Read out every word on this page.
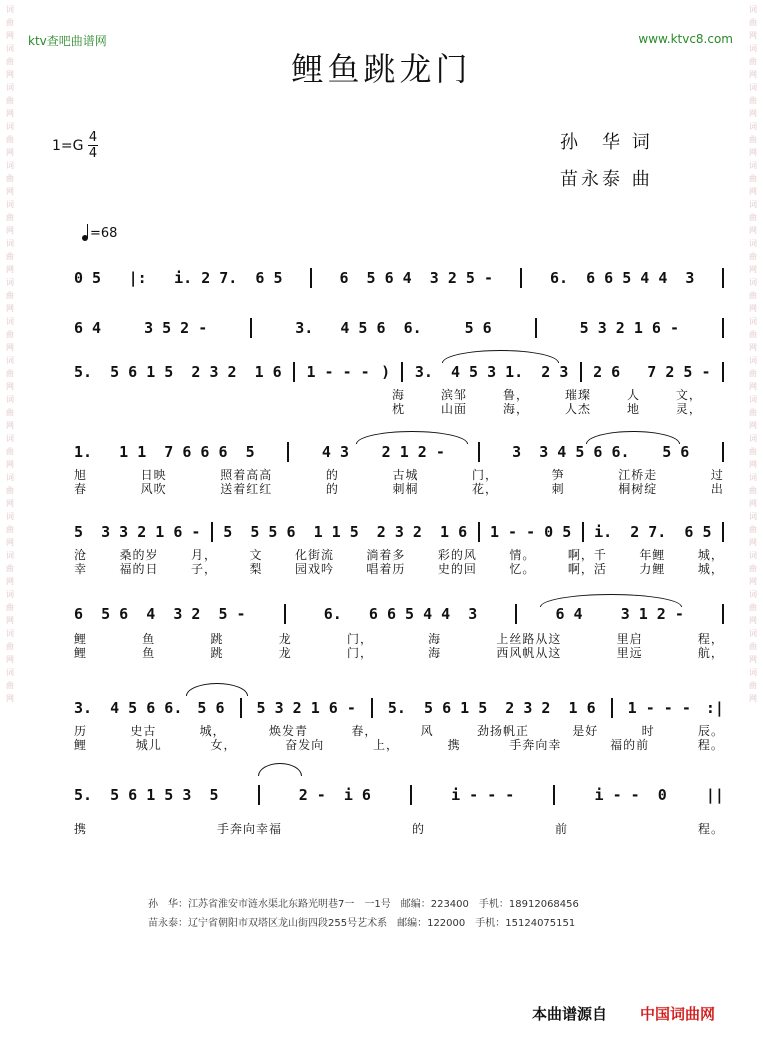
词
曲
网
词
曲
网
词
曲
网
词
曲
网
词
曲
网
词
曲
网
词
曲
网
词
曲
网
词
曲
网
词
曲
网
词
曲
网
词
曲
网
词
曲
网
词
曲
网
词
曲
网
词
曲
网
词
曲
网
词
曲
网
词
曲
网
词
曲
网
词
曲
网
词
曲
网
词
曲
网
词
曲
网
词
曲
网
词
曲
网
词
曲
网
词
曲
网
词
曲
网
词
曲
网
词
曲
网
词
曲
网
词
曲
网
词
曲
网
词
曲
网
词
曲
网
ktv查吧曲谱网	www.ktvc8.com
鲤鱼跳龙门
1=G
4
4
孙　华 词
苗永泰 曲
=68
0 5 |: i. 2 7.  6 5	6  5 6 4  3 2 5 -	6.  6 6 5 4 4  3
6 4	3 5 2 -	3.   4 5 6  6.	5 6	5 3 2 1 6 -
5.  5 6 1 5  2 3 2  1 6 1 - - - ) 3.  4 5 3 1.  2 3 2 6   7 2 5 -
1.   1 1  7 6 6 6  5	4 3 2 1 2 -	3  3 4 5 6 6. 5 6
5  3 3 2 1 6 - 5  5 5 6  1 1 5  2 3 2  1 6 1 - - 0 5 i.  2 7.  6 5
6  5 6  4  3 2  5 -	6.   6 6 5 4 4  3	6 4	3 1 2 -
3.  4 5 6 6. 5 6 5 3 2 1 6 - 5.  5 6 1 5  2 3 2  1 6 1 - - - :|
5.  5 6 1 5 3  5	2 -  i 6	i - - -	i - -  0	||
海	滨邹	鲁，	璀璨	人	文，
枕	山面	海，	人杰	地	灵，
旭	日映	照着高高	的	古城	门，	笋	江桥走	过
春	风吹	送着红红	的	刺桐	花，	刺	桐树绽	出
沧	桑的岁	月，	文	化街流	淌着多	彩的风	情。	啊，千	年鲤	城，
幸	福的日	子，	梨	园戏吟	唱着历	史的回	忆。	啊，活	力鲤	城，
鲤	鱼	跳	龙	门，	海	上丝路从这	里启	程，
鲤	鱼	跳	龙	门，	海	西风帆从这	里远	航，
历	史古	城，	焕发青	春，	风	劲扬帆正	是好	时	辰。
鲤	城儿	女，	奋发向	上，	携	手奔向幸	福的前	程。
携	手奔向幸福	的	前	程。
孙　华：江苏省淮安市涟水渠北东路光明巷7一　一1号　邮编：223400　手机：18912068456
苗永泰：辽宁省朝阳市双塔区龙山街四段255号艺术系　邮编：122000　手机：15124075151
本曲谱源自 中国词曲网
